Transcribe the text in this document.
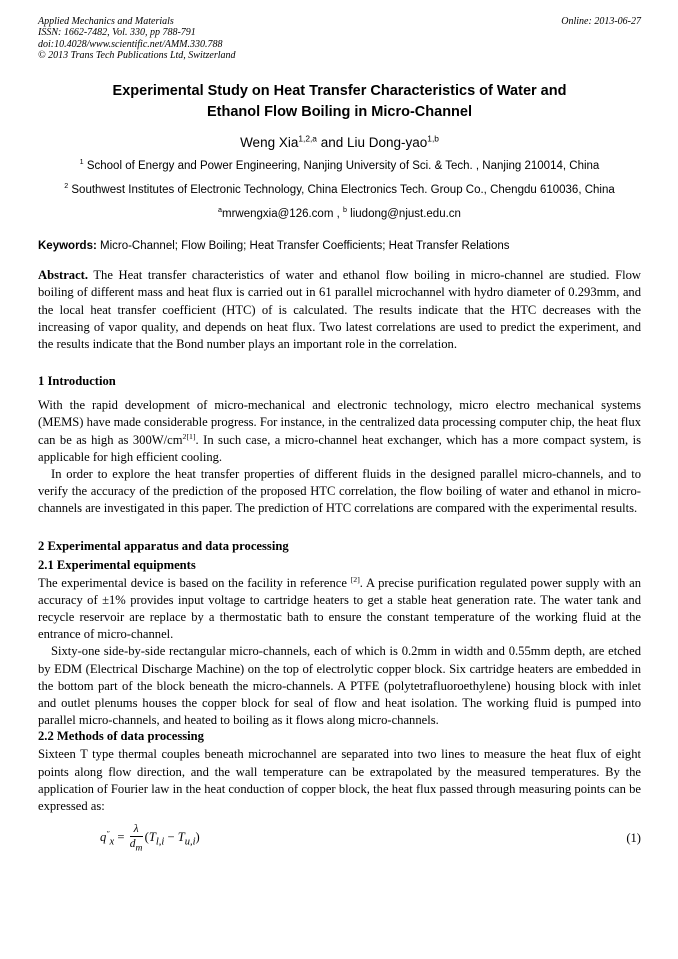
Applied Mechanics and Materials
ISSN: 1662-7482, Vol. 330, pp 788-791
doi:10.4028/www.scientific.net/AMM.330.788
© 2013 Trans Tech Publications Ltd, Switzerland
Online: 2013-06-27
Experimental Study on Heat Transfer Characteristics of Water and Ethanol Flow Boiling in Micro-Channel
Weng Xia$^{1,2,a}$ and Liu Dong-yao$^{1,b}$
$^1$ School of Energy and Power Engineering, Nanjing University of Sci. & Tech. , Nanjing 210014, China
$^2$ Southwest Institutes of Electronic Technology, China Electronics Tech. Group Co., Chengdu 610036, China
$^a$mrwengxia@126.com , $^b$ liudong@njust.edu.cn
Keywords: Micro-Channel; Flow Boiling; Heat Transfer Coefficients; Heat Transfer Relations

Abstract. The Heat transfer characteristics of water and ethanol flow boiling in micro-channel are studied. Flow boiling of different mass and heat flux is carried out in 61 parallel microchannel with hydro diameter of 0.293mm, and the local heat transfer coefficient (HTC) of is calculated. The results indicate that the HTC decreases with the increasing of vapor quality, and depends on heat flux. Two latest correlations are used to predict the experiment, and the results indicate that the Bond number plays an important role in the correlation.

1 Introduction

With the rapid development of micro-mechanical and electronic technology, micro electro mechanical systems (MEMS) have made considerable progress. For instance, in the centralized data processing computer chip, the heat flux can be as high as $300W/cm^{2[1]}$. In such case, a micro-channel heat exchanger, which has a more compact system, is applicable for high efficient cooling.

In order to explore the heat transfer properties of different fluids in the designed parallel micro-channels, and to verify the accuracy of the prediction of the proposed HTC correlation, the flow boiling of water and ethanol in micro-channels are investigated in this paper. The prediction of HTC correlations are compared with the experimental results.

2 Experimental apparatus and data processing
2.1 Experimental equipments

The experimental device is based on the facility in reference [2]. A precise purification regulated power supply with an accuracy of ±1% provides input voltage to cartridge heaters to get a stable heat generation rate. The water tank and recycle reservoir are replace by a thermostatic bath to ensure the constant temperature of the working fluid at the entrance of micro-channel.

Sixty-one side-by-side rectangular micro-channels, each of which is 0.2mm in width and 0.55mm depth, are etched by EDM (Electrical Discharge Machine) on the top of electrolytic copper block. Six cartridge heaters are embedded in the bottom part of the block beneath the micro-channels. A PTFE (polytetrafluoroethylene) housing block with inlet and outlet plenums houses the copper block for seal of flow and heat isolation. The working fluid is pumped into parallel micro-channels, and heated to boiling as it flows along micro-channels.

2.2 Methods of data processing

Sixteen T type thermal couples beneath microchannel are separated into two lines to measure the heat flux of eight points along flow direction, and the wall temperature can be extrapolated by the measured temperatures. By the application of Fourier law in the heat conduction of copper block, the heat flux passed through measuring points can be expressed as:

$q''_x = \frac{\lambda}{d_m} (T_{l,i} - T_{u,i})$	(1)
